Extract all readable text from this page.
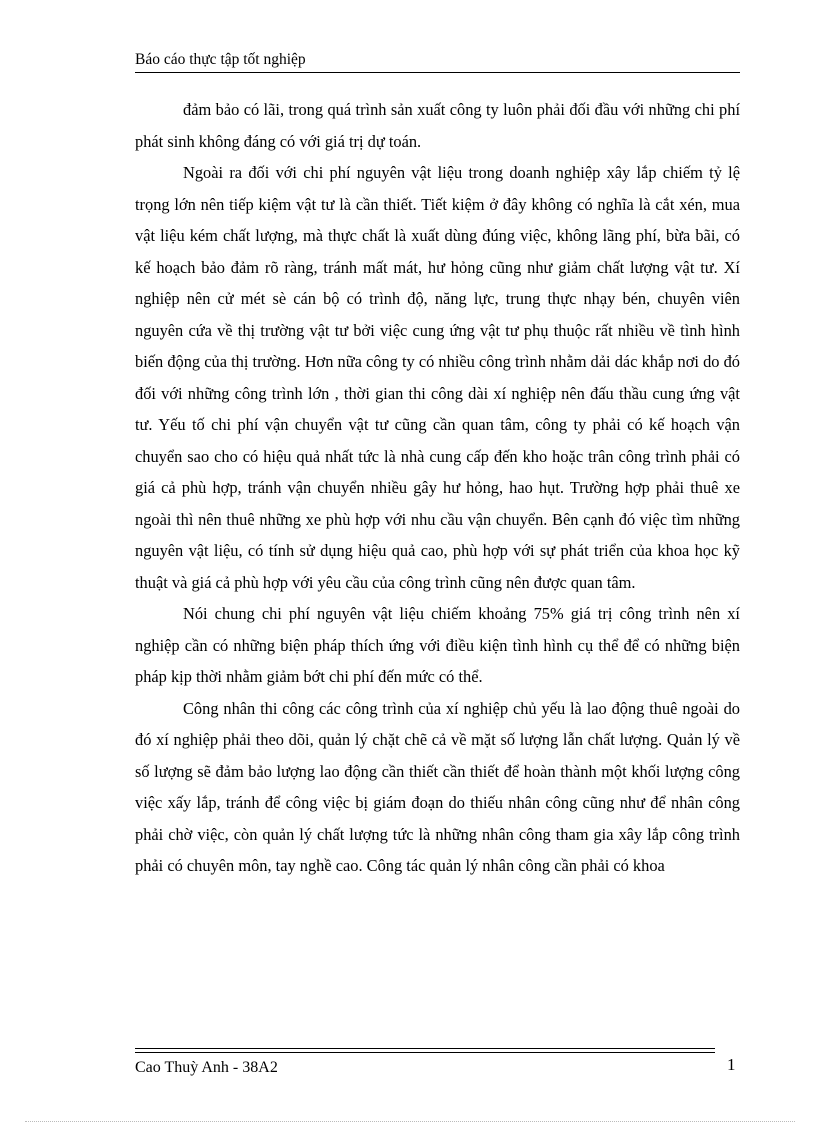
Báo cáo thực tập tốt nghiệp

đảm bảo có lãi, trong quá trình sản xuất công ty luôn phải đối đầu với những chi phí phát sinh không đáng có với giá trị dự toán.

Ngoài ra đối với chi phí nguyên vật liệu trong doanh nghiệp xây lắp chiếm tỷ lệ trọng lớn nên tiếp kiệm vật tư là cần thiết. Tiết kiệm ở đây không có nghĩa là cắt xén, mua vật liệu kém chất lượng, mà thực chất là xuất dùng đúng việc, không lãng phí, bừa bãi, có kế hoạch bảo đảm rõ ràng, tránh mất mát, hư hỏng cũng như giảm chất lượng vật tư. Xí nghiệp nên cử mét sè cán bộ có trình độ, năng lực, trung thực nhạy bén, chuyên viên nguyên cứa về thị trường vật tư bởi việc cung ứng vật tư phụ thuộc rất nhiều về tình hình biến động của thị trường. Hơn nữa công ty có nhiều công trình nhằm dải dác khắp nơi do đó đối với những công trình lớn , thời gian thi công dài xí nghiệp nên đấu thầu cung ứng vật tư. Yếu tố chi phí vận chuyển vật tư cũng cần quan tâm, công ty phải có kế hoạch vận chuyển sao cho có hiệu quả nhất tức là nhà cung cấp đến kho hoặc trân công trình phải có giá cả phù hợp, tránh vận chuyển nhiều gây hư hỏng, hao hụt. Trường hợp phải thuê xe ngoài thì nên thuê những xe phù hợp với nhu cầu vận chuyển. Bên cạnh đó việc tìm những nguyên vật liệu, có tính sử dụng hiệu quả cao, phù hợp với sự phát triển của khoa học kỹ thuật và giá cả phù hợp với yêu cầu của công trình cũng nên được quan tâm.

Nói chung chi phí nguyên vật liệu chiếm khoảng 75% giá trị công trình nên xí nghiệp cần có những biện pháp thích ứng với điều kiện tình hình cụ thể để có những biện pháp kịp thời nhằm giảm bớt chi phí đến mức có thể.

Công nhân thi công các công trình của xí nghiệp chủ yếu là lao động thuê ngoài do đó xí nghiệp phải theo dõi, quản lý chặt chẽ cả về mặt số lượng lẫn chất lượng. Quản lý về số lượng sẽ đảm bảo lượng lao động cần thiết cần thiết để hoàn thành một khối lượng công việc xấy lắp, tránh để công việc bị giám đoạn do thiếu nhân công cũng như để nhân công phải chờ việc, còn quản lý chất lượng tức là những nhân công tham gia xây lắp công trình phải có chuyên môn, tay nghề cao. Công tác quản lý nhân công cần phải có khoa

Cao Thuỳ Anh - 38A2	1
